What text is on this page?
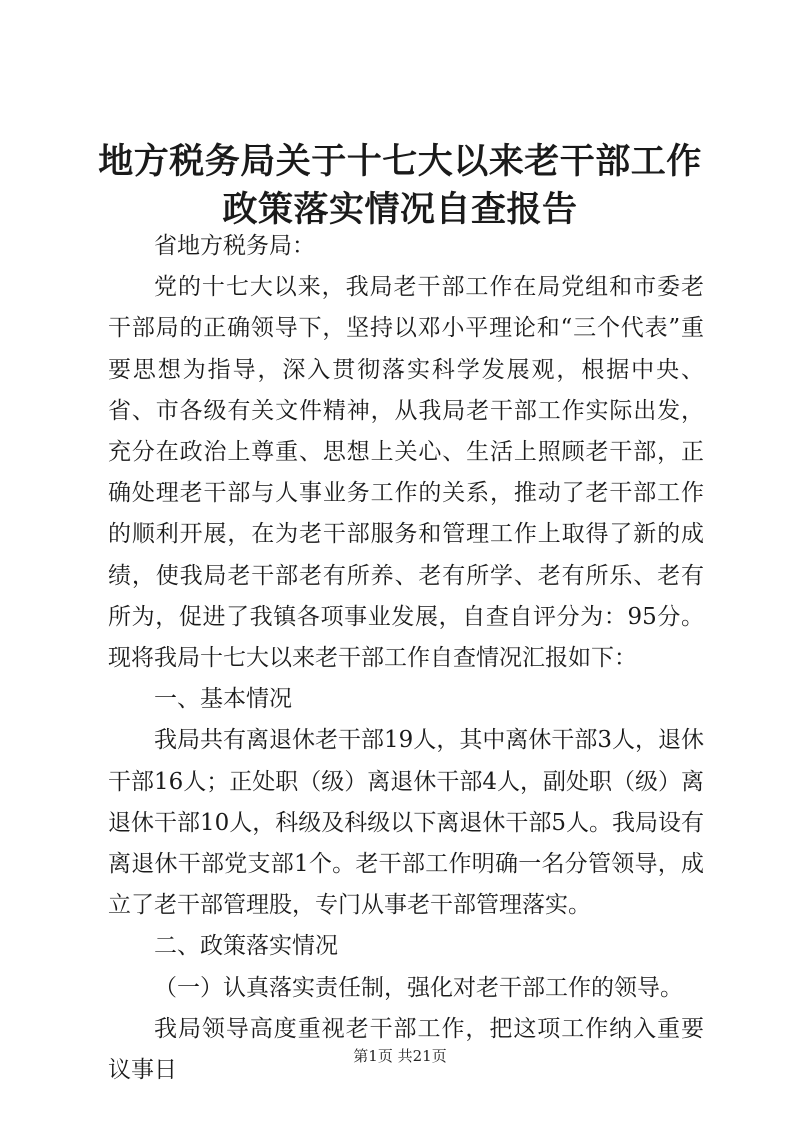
地方税务局关于十七大以来老干部工作政策落实情况自查报告

省地方税务局：

党的十七大以来，我局老干部工作在局党组和市委老干部局的正确领导下，坚持以邓小平理论和“三个代表”重要思想为指导，深入贯彻落实科学发展观，根据中央、省、市各级有关文件精神，从我局老干部工作实际出发，充分在政治上尊重、思想上关心、生活上照顾老干部，正确处理老干部与人事业务工作的关系，推动了老干部工作的顺利开展，在为老干部服务和管理工作上取得了新的成绩，使我局老干部老有所养、老有所学、老有所乐、老有所为，促进了我镇各项事业发展，自查自评分为：95分。现将我局十七大以来老干部工作自查情况汇报如下：

一、基本情况

我局共有离退休老干部19人，其中离休干部3人，退休干部16人；正处职（级）离退休干部4人，副处职（级）离退休干部10人，科级及科级以下离退休干部5人。我局设有离退休干部党支部1个。老干部工作明确一名分管领导，成立了老干部管理股，专门从事老干部管理落实。

二、政策落实情况

（一）认真落实责任制，强化对老干部工作的领导。

我局领导高度重视老干部工作，把这项工作纳入重要议事日

第1页 共21页
